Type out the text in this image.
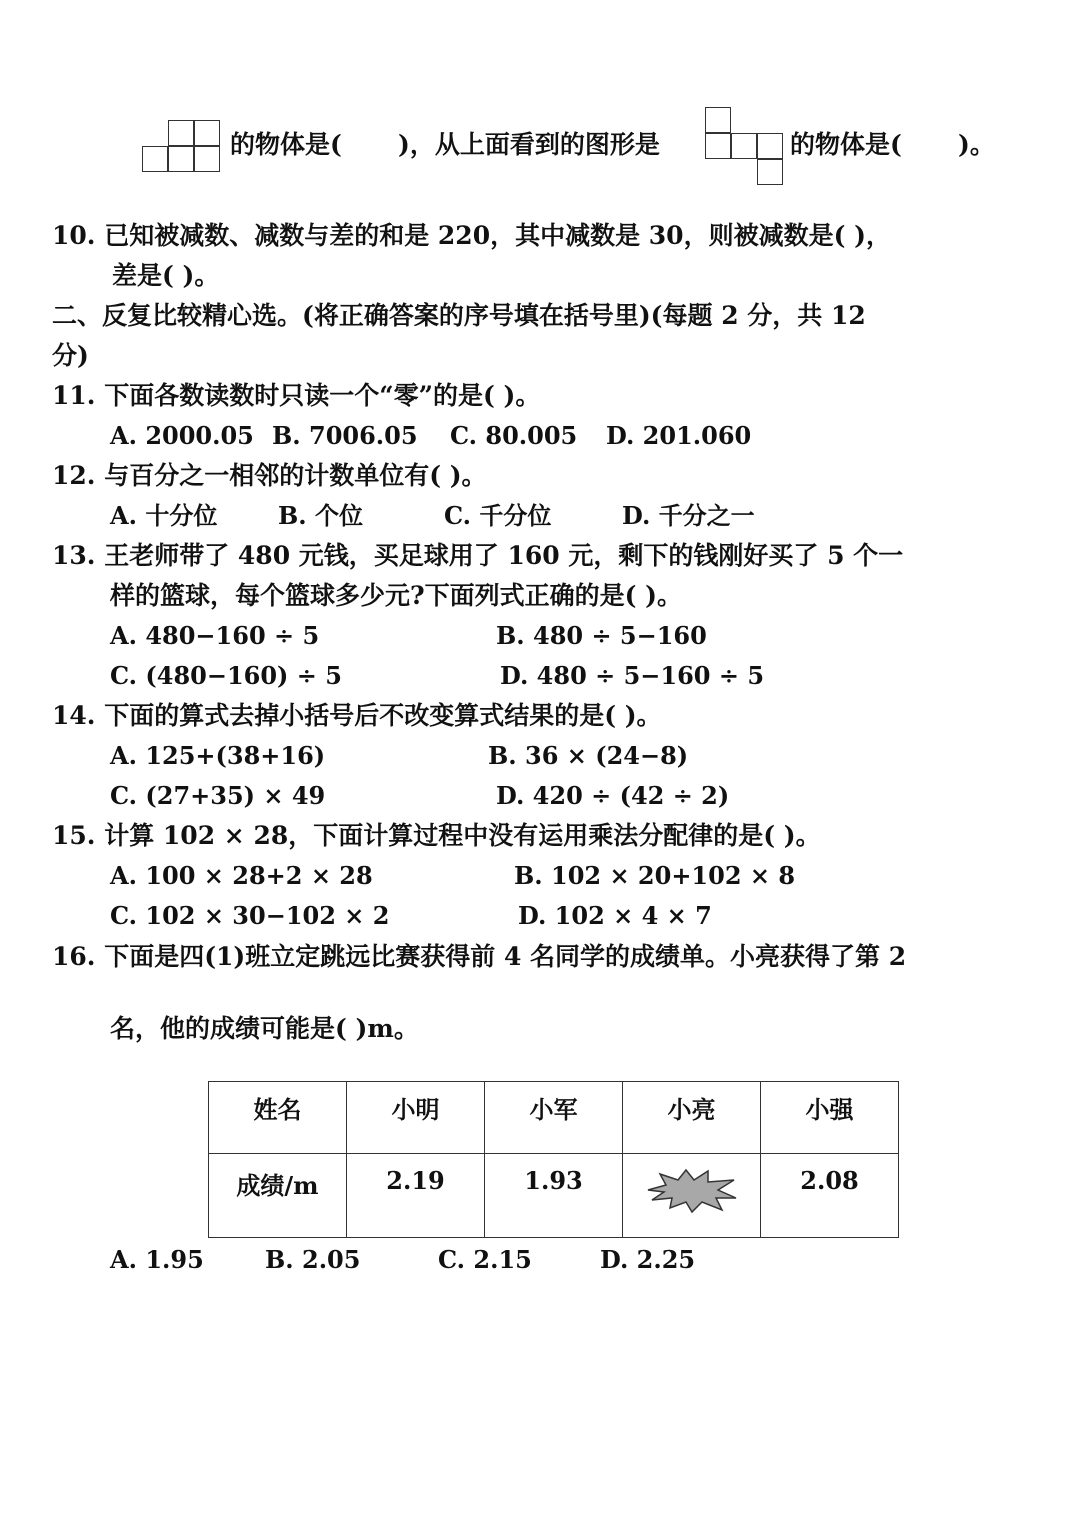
的物体是( )，从上面看到的图形是	的物体是( )。
10. 已知被减数、减数与差的和是 220，其中减数是 30，则被减数是( )，
差是( )。
二、反复比较精心选。(将正确答案的序号填在括号里)(每题 2 分，共 12
分)
11. 下面各数读数时只读一个“零”的是( )。
A. 2000.05 B. 7006.05 C. 80.005 D. 201.060
12. 与百分之一相邻的计数单位有( )。
A. 十分位	B. 个位	C. 千分位	D. 千分之一
13. 王老师带了 480 元钱，买足球用了 160 元，剩下的钱刚好买了 5 个一
样的篮球，每个篮球多少元?下面列式正确的是( )。
A. 480−160 ÷ 5	B. 480 ÷ 5−160
C. (480−160) ÷ 5	D. 480 ÷ 5−160 ÷ 5
14. 下面的算式去掉小括号后不改变算式结果的是( )。
A. 125+(38+16)	B. 36 × (24−8)
C. (27+35) × 49	D. 420 ÷ (42 ÷ 2)
15. 计算 102 × 28，下面计算过程中没有运用乘法分配律的是( )。
A. 100 × 28+2 × 28	B. 102 × 20+102 × 8
C. 102 × 30−102 × 2	D. 102 × 4 × 7
16. 下面是四(1)班立定跳远比赛获得前 4 名同学的成绩单。小亮获得了第 2
名，他的成绩可能是( )m。
姓名	小明	小军	小亮	小强
成绩/m	2.19	1.93		2.08
A. 1.95	B. 2.05	C. 2.15	D. 2.25
